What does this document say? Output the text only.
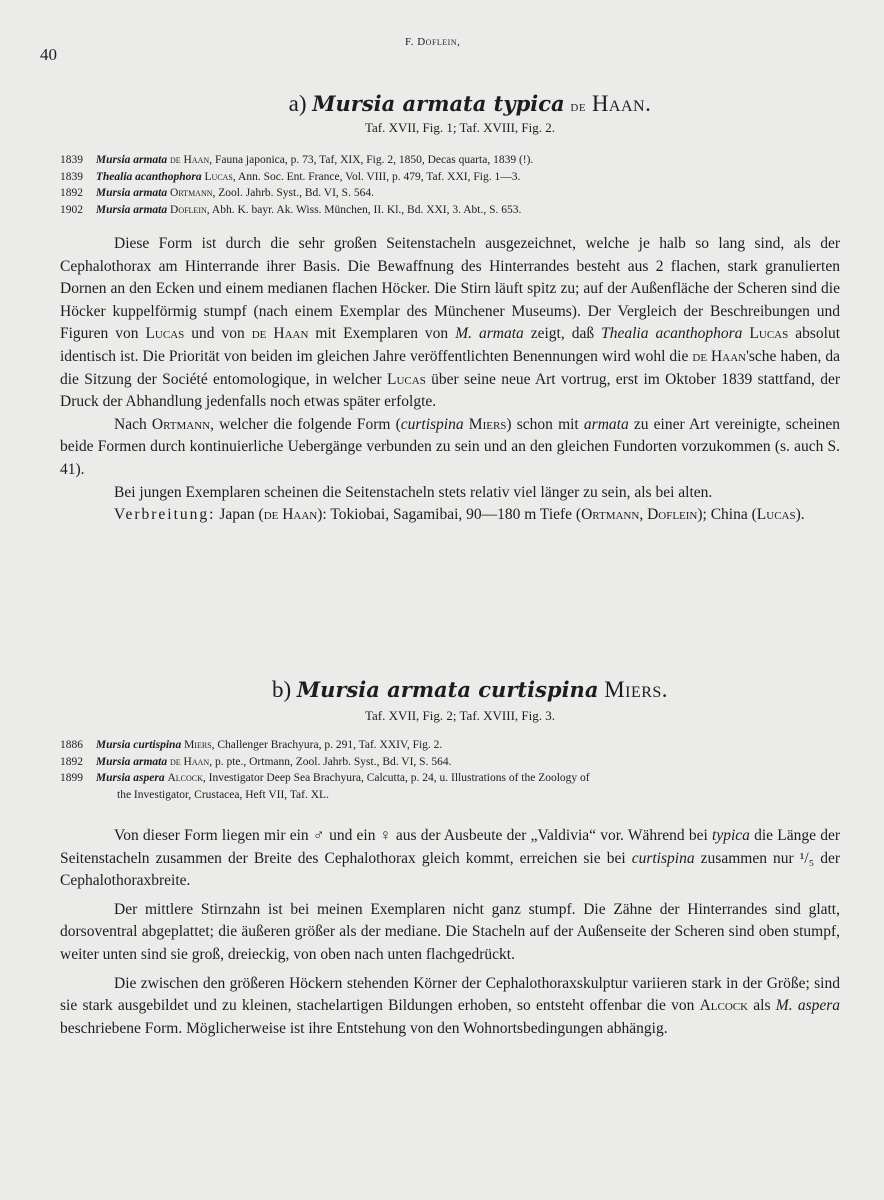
40
F. Doflein,
a) Mursia armata typica de Haan.
Taf. XVII, Fig. 1; Taf. XVIII, Fig. 2.
1839 Mursia armata de Haan, Fauna japonica, p. 73, Taf, XIX, Fig. 2, 1850, Decas quarta, 1839 (!).
1839 Thealia acanthophora Lucas, Ann. Soc. Ent. France, Vol. VIII, p. 479, Taf. XXI, Fig. 1—3.
1892 Mursia armata Ortmann, Zool. Jahrb. Syst., Bd. VI, S. 564.
1902 Mursia armata Doflein, Abh. K. bayr. Ak. Wiss. München, II. Kl., Bd. XXI, 3. Abt., S. 653.

Diese Form ist durch die sehr großen Seitenstacheln ausgezeichnet, welche je halb so lang sind, als der Cephalothorax am Hinterrande ihrer Basis. Die Bewaffnung des Hinterrandes besteht aus 2 flachen, stark granulierten Dornen an den Ecken und einem medianen flachen Höcker. Die Stirn läuft spitz zu; auf der Außenfläche der Scheren sind die Höcker kuppelförmig stumpf (nach einem Exemplar des Münchener Museums). Der Vergleich der Beschreibungen und Figuren von Lucas und von de Haan mit Exemplaren von M. armata zeigt, daß Thealia acanthophora Lucas absolut identisch ist. Die Priorität von beiden im gleichen Jahre veröffentlichten Benennungen wird wohl die de Haan'sche haben, da die Sitzung der Société entomologique, in welcher Lucas über seine neue Art vortrug, erst im Oktober 1839 stattfand, der Druck der Abhandlung jedenfalls noch etwas später erfolgte.

Nach Ortmann, welcher die folgende Form (curtispina Miers) schon mit armata zu einer Art vereinigte, scheinen beide Formen durch kontinuierliche Uebergänge verbunden zu sein und an den gleichen Fundorten vorzukommen (s. auch S. 41).

Bei jungen Exemplaren scheinen die Seitenstacheln stets relativ viel länger zu sein, als bei alten.

Verbreitung: Japan (de Haan): Tokiobai, Sagamibai, 90—180 m Tiefe (Ortmann, Doflein); China (Lucas).

b) Mursia armata curtispina Miers.
Taf. XVII, Fig. 2; Taf. XVIII, Fig. 3.
1886 Mursia curtispina Miers, Challenger Brachyura, p. 291, Taf. XXIV, Fig. 2.
1892 Mursia armata de Haan, p. pte., Ortmann, Zool. Jahrb. Syst., Bd. VI, S. 564.
1899 Mursia aspera Alcock, Investigator Deep Sea Brachyura, Calcutta, p. 24, u. Illustrations of the Zoology of
the Investigator, Crustacea, Heft VII, Taf. XL.

Von dieser Form liegen mir ein ♂ und ein ♀ aus der Ausbeute der „Valdivia“ vor. Während bei typica die Länge der Seitenstacheln zusammen der Breite des Cephalothorax gleich kommt, erreichen sie bei curtispina zusammen nur ¹/₅ der Cephalothoraxbreite.

Der mittlere Stirnzahn ist bei meinen Exemplaren nicht ganz stumpf. Die Zähne der Hinterrandes sind glatt, dorsoventral abgeplattet; die äußeren größer als der mediane. Die Stacheln auf der Außenseite der Scheren sind oben stumpf, weiter unten sind sie groß, dreieckig, von oben nach unten flachgedrückt.

Die zwischen den größeren Höckern stehenden Körner der Cephalothoraxskulptur variieren stark in der Größe; sind sie stark ausgebildet und zu kleinen, stachelartigen Bildungen erhoben, so entsteht offenbar die von Alcock als M. aspera beschriebene Form. Möglicherweise ist ihre Entstehung von den Wohnortsbedingungen abhängig.
